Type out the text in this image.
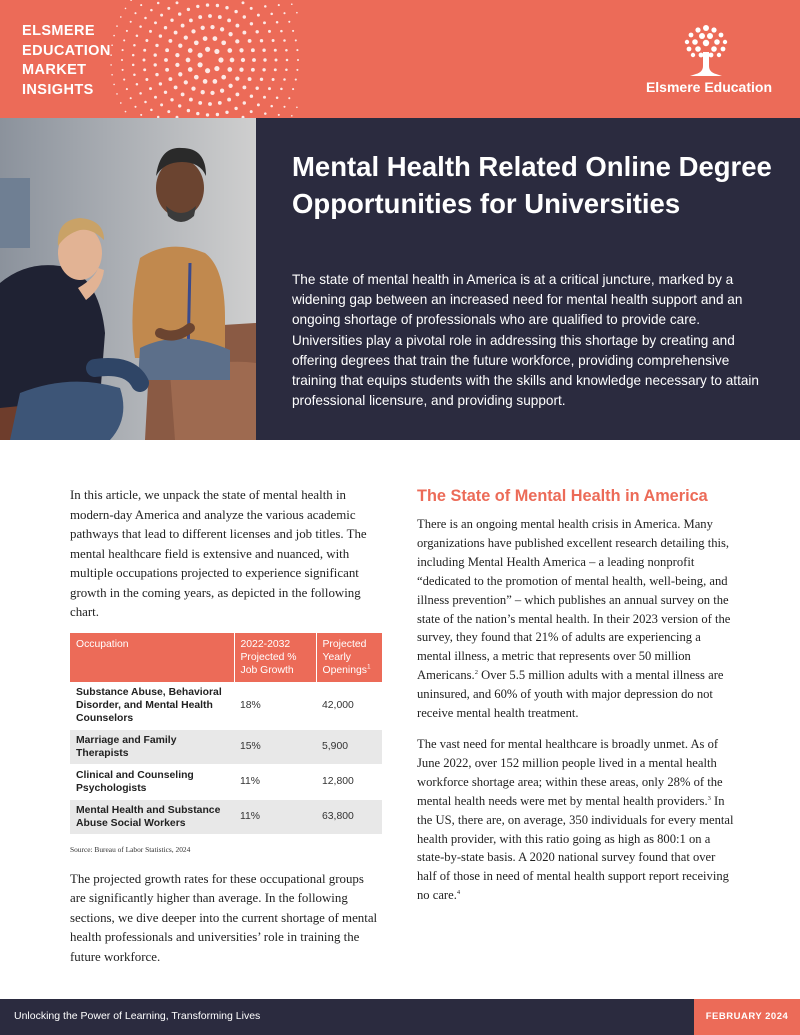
ELSMERE
EDUCATION
MARKET
INSIGHTS	Elsmere Education
Mental Health Related Online Degree Opportunities for Universities

The state of mental health in America is at a critical juncture, marked by a widening gap between an increased need for mental health support and an ongoing shortage of professionals who are qualified to provide care. Universities play a pivotal role in addressing this shortage by creating and offering degrees that train the future workforce, providing comprehensive training that equips students with the skills and knowledge necessary to attain professional licensure, and providing support.

In this article, we unpack the state of mental health in modern-day America and analyze the various academic pathways that lead to different licenses and job titles. The mental healthcare field is extensive and nuanced, with multiple occupations projected to experience significant growth in the coming years, as depicted in the following chart.

Occupation	2022-2032 Projected % Job Growth	Projected Yearly Openings$^1$
Substance Abuse, Behavioral Disorder, and Mental Health Counselors	18%	42,000
Marriage and Family Therapists	15%	5,900
Clinical and Counseling Psychologists	11%	12,800
Mental Health and Substance Abuse Social Workers	11%	63,800
Source: Bureau of Labor Statistics, 2024

The projected growth rates for these occupational groups are significantly higher than average. In the following sections, we dive deeper into the current shortage of mental health professionals and universities’ role in training the future workforce.

The State of Mental Health in America

There is an ongoing mental health crisis in America. Many organizations have published excellent research detailing this, including Mental Health America – a leading nonprofit “dedicated to the promotion of mental health, well-being, and illness prevention” – which publishes an annual survey on the state of the nation’s mental health. In their 2023 version of the survey, they found that 21% of adults are experiencing a mental illness, a metric that represents over 50 million Americans.$^2$ Over 5.5 million adults with a mental illness are uninsured, and 60% of youth with major depression do not receive mental health treatment.

The vast need for mental healthcare is broadly unmet. As of June 2022, over 152 million people lived in a mental health workforce shortage area; within these areas, only 28% of the mental health needs were met by mental health providers.$^3$ In the US, there are, on average, 350 individuals for every mental health provider, with this ratio going as high as 800:1 on a state-by-state basis. A 2020 national survey found that over half of those in need of mental health support report receiving no care.$^4$

Unlocking the Power of Learning, Transforming Lives	FEBRUARY 2024
